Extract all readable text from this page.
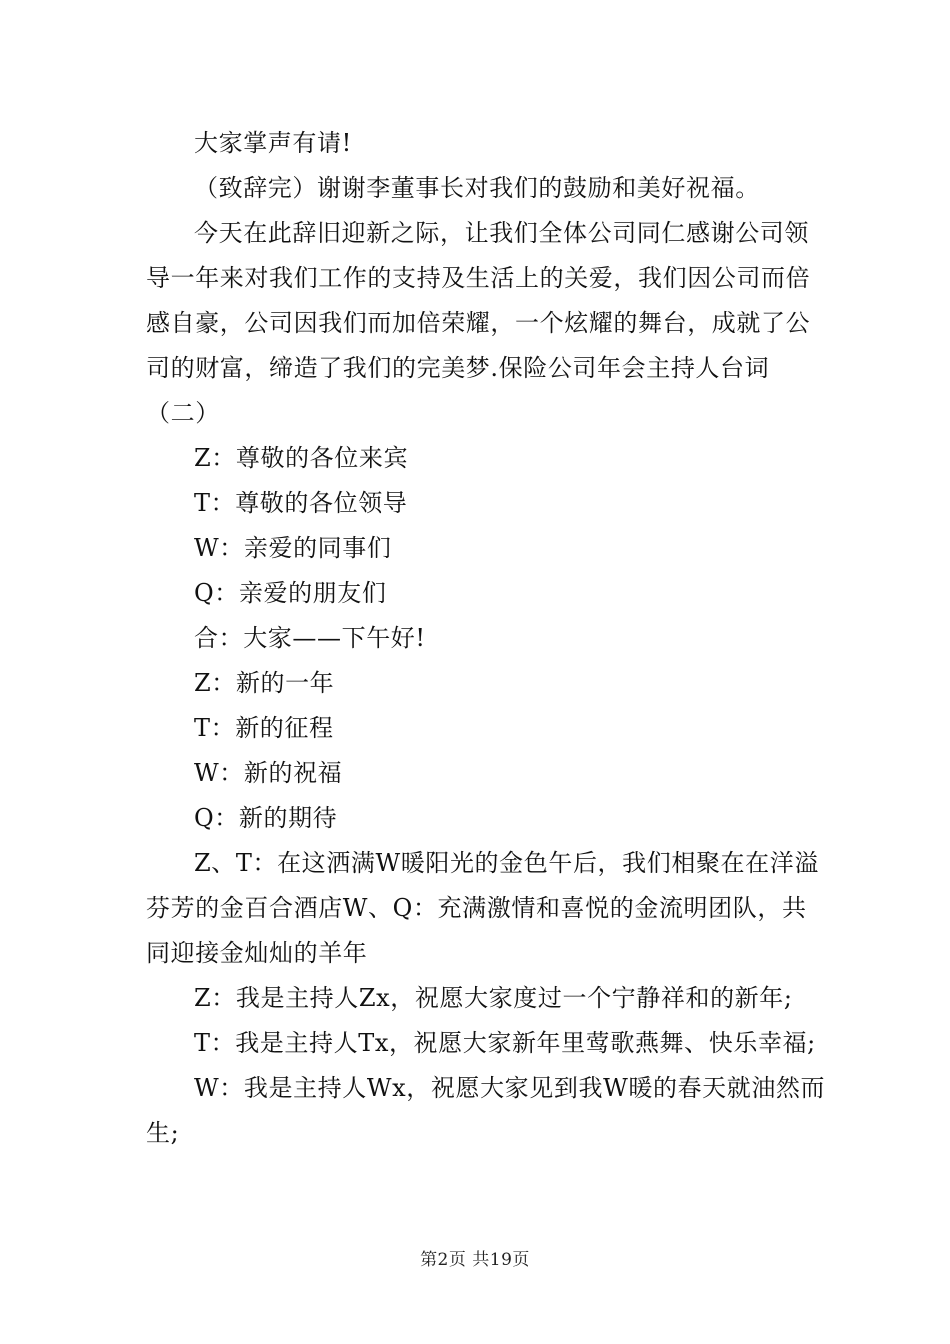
大家掌声有请!

（致辞完）谢谢李董事长对我们的鼓励和美好祝福。

今天在此辞旧迎新之际，让我们全体公司同仁感谢公司领导一年来对我们工作的支持及生活上的关爱，我们因公司而倍感自豪，公司因我们而加倍荣耀，一个炫耀的舞台，成就了公司的财富，缔造了我们的完美梦.保险公司年会主持人台词（二）

Z：尊敬的各位来宾

T：尊敬的各位领导

W：亲爱的同事们

Q：亲爱的朋友们

合：大家——下午好!

Z：新的一年

T：新的征程

W：新的祝福

Q：新的期待

Z、T：在这洒满W暖阳光的金色午后，我们相聚在在洋溢芬芳的金百合酒店W、Q：充满激情和喜悦的金流明团队，共同迎接金灿灿的羊年

Z：我是主持人Zx，祝愿大家度过一个宁静祥和的新年;

T：我是主持人Tx，祝愿大家新年里莺歌燕舞、快乐幸福;

W：我是主持人Wx，祝愿大家见到我W暖的春天就油然而生;

第2页 共19页
